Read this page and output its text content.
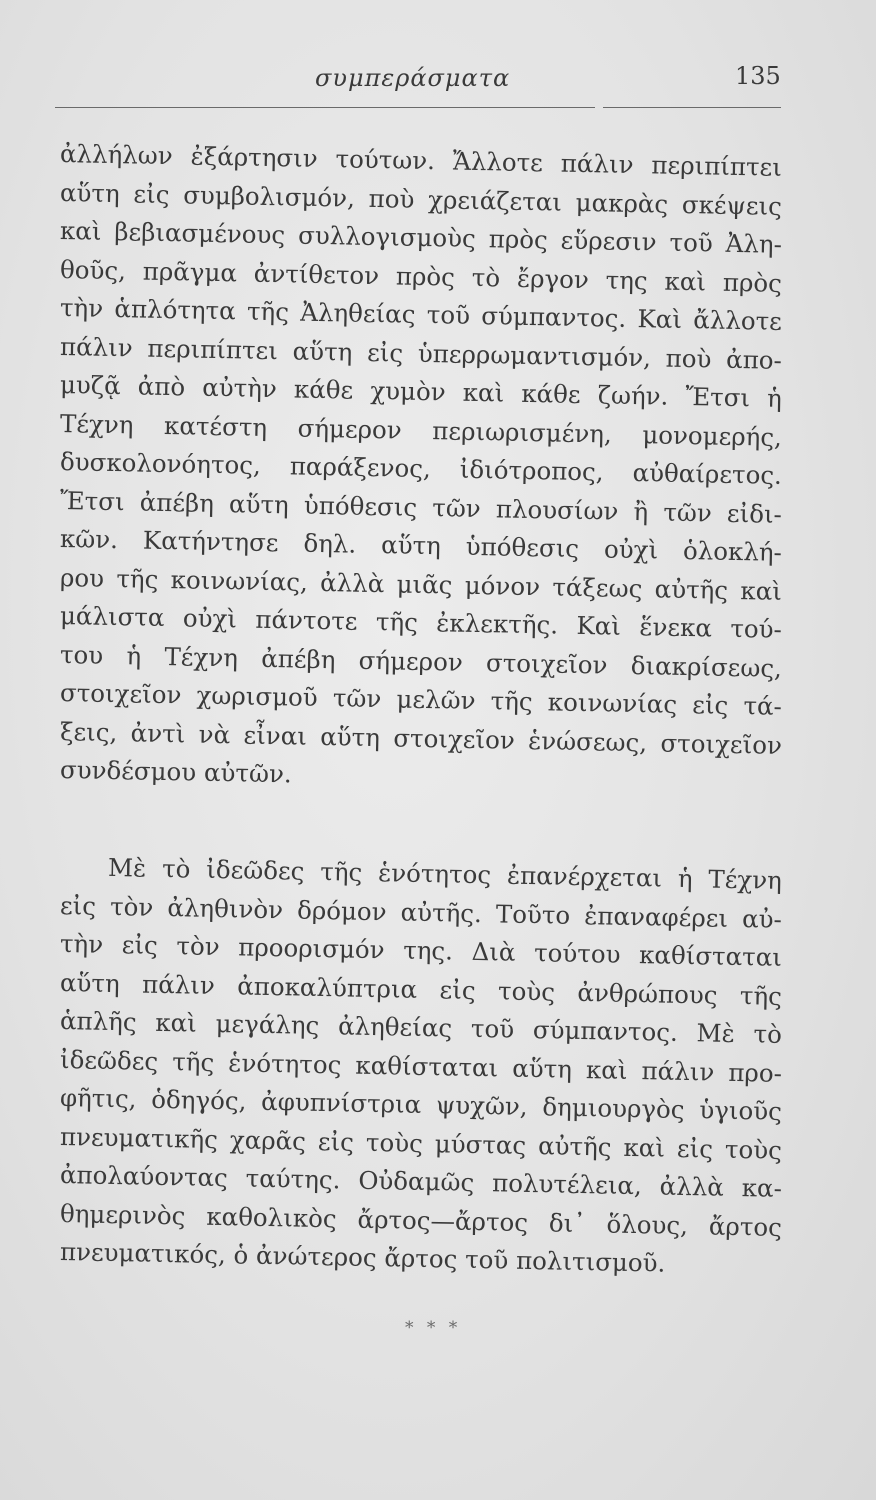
συμπεράσματα	135
ἀλλήλων ἐξάρτησιν τούτων. Ἄλλοτε πάλιν περιπίπτει
αὕτη εἰς συμβολισμόν, ποὺ χρειάζεται μακρὰς σκέψεις
καὶ βεβιασμένους συλλογισμοὺς πρὸς εὕρεσιν τοῦ Ἀλη-
θοῦς, πρᾶγμα ἀντίθετον πρὸς τὸ ἔργον της καὶ πρὸς
τὴν ἁπλότητα τῆς Ἀληθείας τοῦ σύμπαντος. Καὶ ἄλλοτε
πάλιν περιπίπτει αὕτη εἰς ὑπερρωμαντισμόν, ποὺ ἀπο-
μυζᾷ ἀπὸ αὐτὴν κάθε χυμὸν καὶ κάθε ζωήν. Ἔτσι ἡ
Τέχνη κατέστη σήμερον περιωρισμένη, μονομερής,
δυσκολονόητος, παράξενος, ἰδιότροπος, αὐθαίρετος.
Ἔτσι ἀπέβη αὕτη ὑπόθεσις τῶν πλουσίων ἢ τῶν εἰδι-
κῶν. Κατήντησε δηλ. αὕτη ὑπόθεσις οὐχὶ ὁλοκλή-
ρου τῆς κοινωνίας, ἀλλὰ μιᾶς μόνον τάξεως αὐτῆς καὶ
μάλιστα οὐχὶ πάντοτε τῆς ἐκλεκτῆς. Καὶ ἕνεκα τού-
του ἡ Τέχνη ἀπέβη σήμερον στοιχεῖον διακρίσεως,
στοιχεῖον χωρισμοῦ τῶν μελῶν τῆς κοινωνίας εἰς τά-
ξεις, ἀντὶ νὰ εἶναι αὕτη στοιχεῖον ἑνώσεως, στοιχεῖον
συνδέσμου αὐτῶν.
Μὲ τὸ ἰδεῶδες τῆς ἑνότητος ἐπανέρχεται ἡ Τέχνη
εἰς τὸν ἀληθινὸν δρόμον αὐτῆς. Τοῦτο ἐπαναφέρει αὐ-
τὴν εἰς τὸν προορισμόν της. Διὰ τούτου καθίσταται
αὕτη πάλιν ἀποκαλύπτρια εἰς τοὺς ἀνθρώπους τῆς
ἁπλῆς καὶ μεγάλης ἀληθείας τοῦ σύμπαντος. Μὲ τὸ
ἰδεῶδες τῆς ἑνότητος καθίσταται αὕτη καὶ πάλιν προ-
φῆτις, ὁδηγός, ἀφυπνίστρια ψυχῶν, δημιουργὸς ὑγιοῦς
πνευματικῆς χαρᾶς εἰς τοὺς μύστας αὐτῆς καὶ εἰς τοὺς
ἀπολαύοντας ταύτης. Οὐδαμῶς πολυτέλεια, ἀλλὰ κα-
θημερινὸς καθολικὸς ἄρτος—ἄρτος δι᾽ ὅλους, ἄρτος
πνευματικός, ὁ ἀνώτερος ἄρτος τοῦ πολιτισμοῦ.
* * *
